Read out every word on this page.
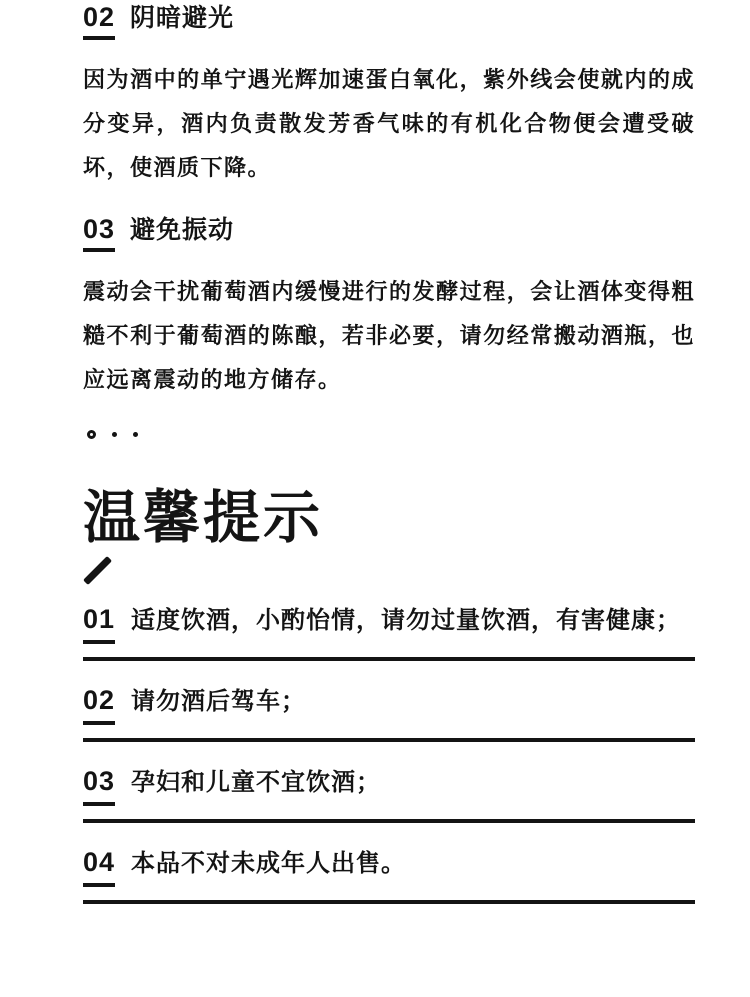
02 阴暗避光

因为酒中的单宁遇光辉加速蛋白氧化，紫外线会使就内的成分变异，酒内负责散发芳香气味的有机化合物便会遭受破坏，使酒质下降。

03 避免振动

震动会干扰葡萄酒内缓慢进行的发酵过程，会让酒体变得粗糙不利于葡萄酒的陈酿，若非必要，请勿经常搬动酒瓶，也应远离震动的地方储存。

温馨提示
01 适度饮酒，小酌怡情，请勿过量饮酒，有害健康；
02 请勿酒后驾车；
03 孕妇和儿童不宜饮酒；
04 本品不对未成年人出售。
